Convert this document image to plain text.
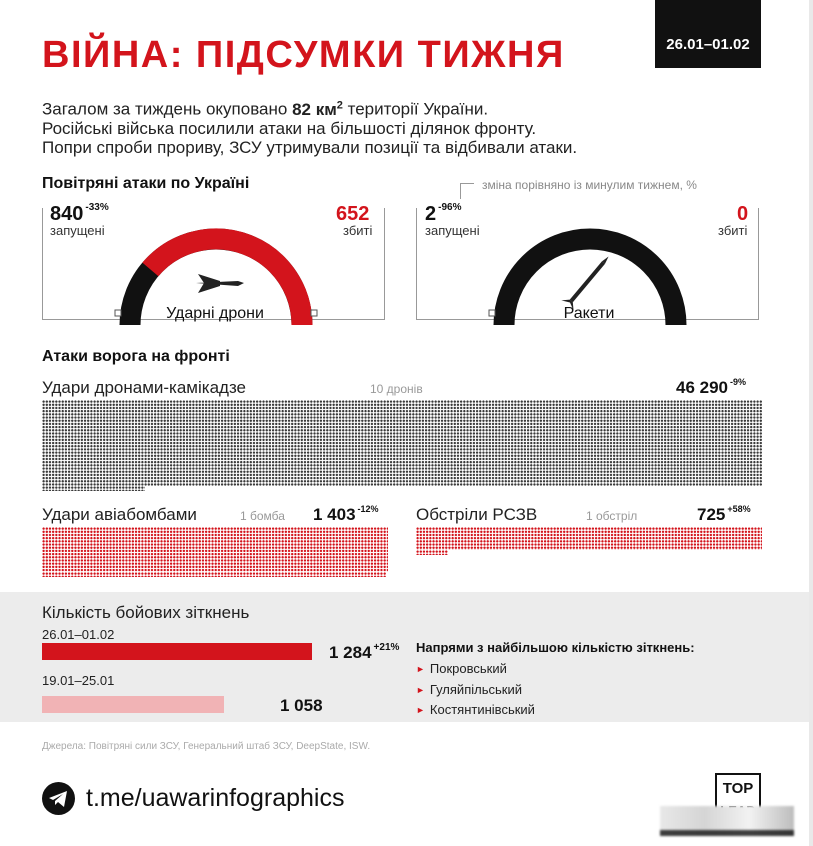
ВІЙНА: ПІДСУМКИ ТИЖНЯ	26.01–01.02

Загалом за тиждень окуповано 82 $км^2$ території України.

Російські війська посилили атаки на більшості ділянок фронту.

Попри спроби прориву, ЗСУ утримували позиції та відбивали атаки.

Повітряні атаки по Україні	зміна порівняно із минулим тижнем, %
840 $^{-33\%}$
запущені
652
збиті
Ударні дрони
2 $^{-96\%}$
запущені
0
збиті
Ракети
Атаки ворога на фронті
Удари дронами-камікадзе	10 дронів	46 290 $^{-9\%}$
Удари авіабомбами	1 бомба 1 403 $^{-12\%}$ Обстріли РСЗВ	1 обстріл	725 $^{+58\%}$
Кількість бойових зіткнень
26.01–01.02
1 284 $^{+21\%}$
19.01–25.01
1 058
Напрями з найбільшою кількістю зіткнень:
► Покровський
► Гуляйпільський
► Костянтинівський
Джерела: Повітряні сили ЗСУ, Генеральний штаб ЗСУ, DeepState, ISW.
t.me/uawarinfographics	TOP
